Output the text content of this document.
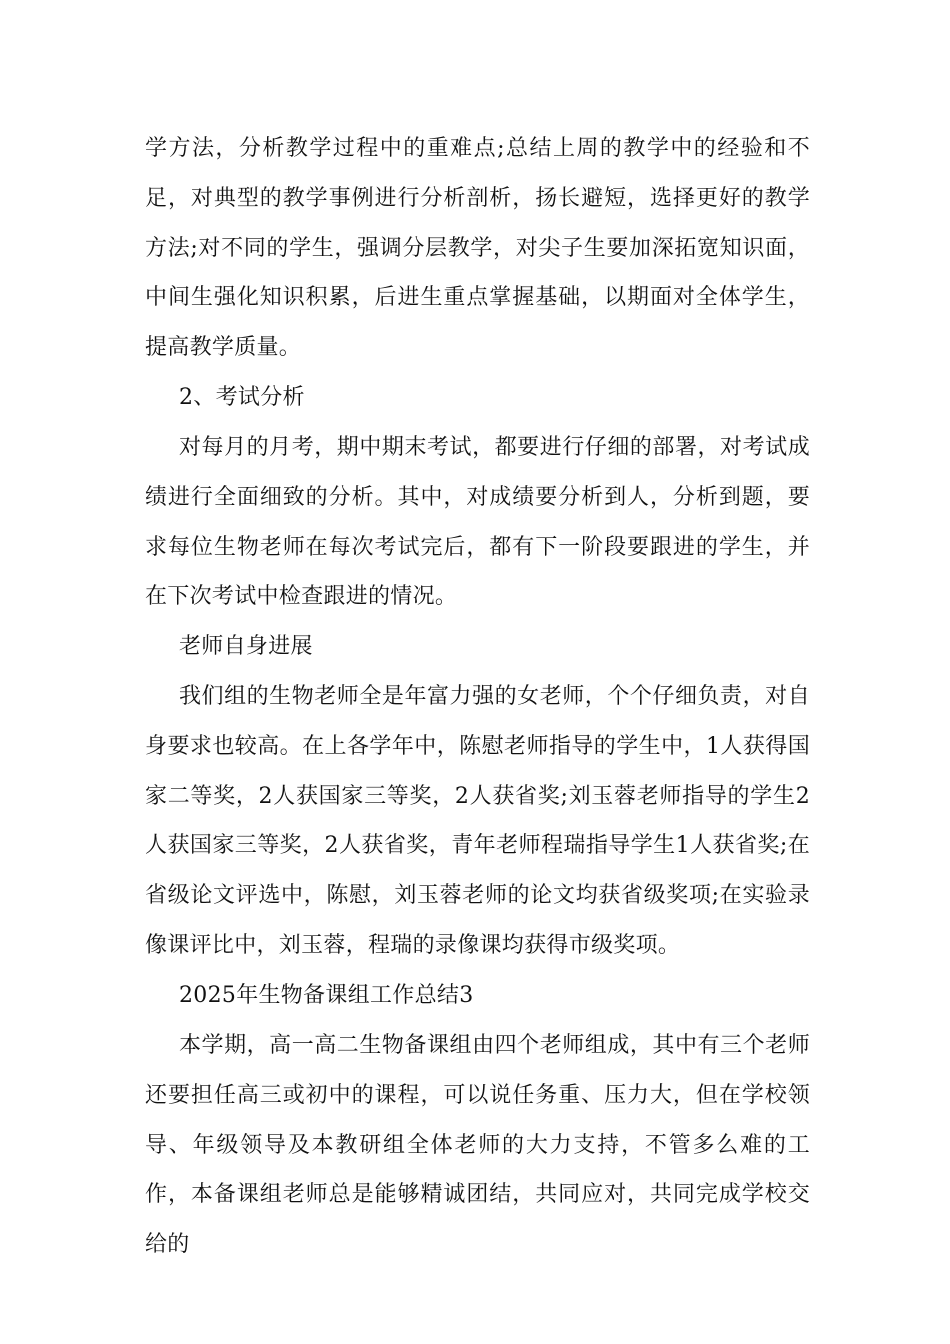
学方法，分析教学过程中的重难点;总结上周的教学中的经验和不足，对典型的教学事例进行分析剖析，扬长避短，选择更好的教学方法;对不同的学生，强调分层教学，对尖子生要加深拓宽知识面，中间生强化知识积累，后进生重点掌握基础，以期面对全体学生，提高教学质量。

2、考试分析

对每月的月考，期中期末考试，都要进行仔细的部署，对考试成绩进行全面细致的分析。其中，对成绩要分析到人，分析到题，要求每位生物老师在每次考试完后，都有下一阶段要跟进的学生，并在下次考试中检查跟进的情况。

老师自身进展

我们组的生物老师全是年富力强的女老师，个个仔细负责，对自身要求也较高。在上各学年中，陈慰老师指导的学生中，1人获得国家二等奖，2人获国家三等奖，2人获省奖;刘玉蓉老师指导的学生2人获国家三等奖，2人获省奖，青年老师程瑞指导学生1人获省奖;在省级论文评选中，陈慰，刘玉蓉老师的论文均获省级奖项;在实验录像课评比中，刘玉蓉，程瑞的录像课均获得市级奖项。

2025年生物备课组工作总结3

本学期，高一高二生物备课组由四个老师组成，其中有三个老师还要担任高三或初中的课程，可以说任务重、压力大，但在学校领导、年级领导及本教研组全体老师的大力支持，不管多么难的工作，本备课组老师总是能够精诚团结，共同应对，共同完成学校交给的
